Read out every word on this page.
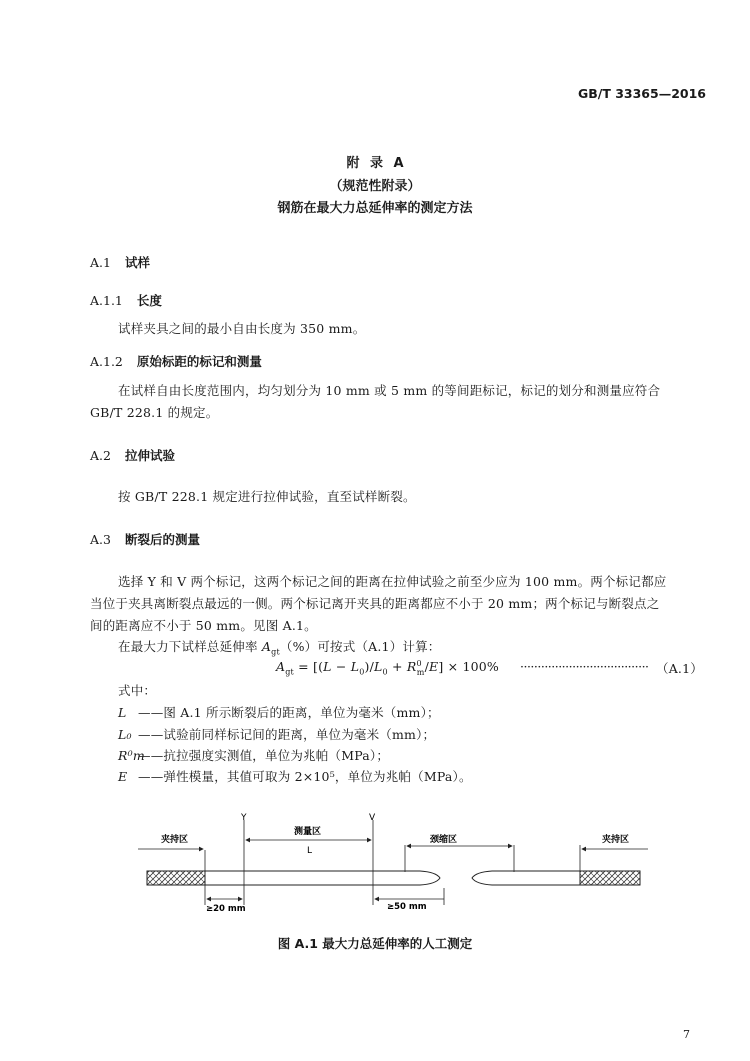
GB/T 33365—2016
附 录 A
（规范性附录）
钢筋在最大力总延伸率的测定方法
A.1 试样
A.1.1 长度
试样夹具之间的最小自由长度为 350 mm。
A.1.2 原始标距的标记和测量
在试样自由长度范围内，均匀划分为 10 mm 或 5 mm 的等间距标记，标记的划分和测量应符合
GB/T 228.1 的规定。
A.2 拉伸试验
按 GB/T 228.1 规定进行拉伸试验，直至试样断裂。
A.3 断裂后的测量
选择 Y 和 V 两个标记，这两个标记之间的距离在拉伸试验之前至少应为 100 mm。两个标记都应
当位于夹具离断裂点最远的一侧。两个标记离开夹具的距离都应不小于 20 mm；两个标记与断裂点之
间的距离应不小于 50 mm。见图 A.1。
在最大力下试样总延伸率 $A_{gt}(\%)$可按式（A.1）计算：
$A_{gt} = [(L - L_0)/L_0 + R^0_m/E] \times 100\%$ ····································· （A.1）
式中：
L ——图 A.1 所示断裂后的距离，单位为毫米（mm）；
L₀ ——试验前同样标记间的距离，单位为毫米（mm）；
R⁰m——抗拉强度实测值，单位为兆帕（MPa）；
E ——弹性模量，其值可取为 2×10⁵，单位为兆帕（MPa）。
夹持区
Y	V
测量区
L
颈缩区	夹持区
≥20 mm	≥50 mm
图 A.1 最大力总延伸率的人工测定
7
